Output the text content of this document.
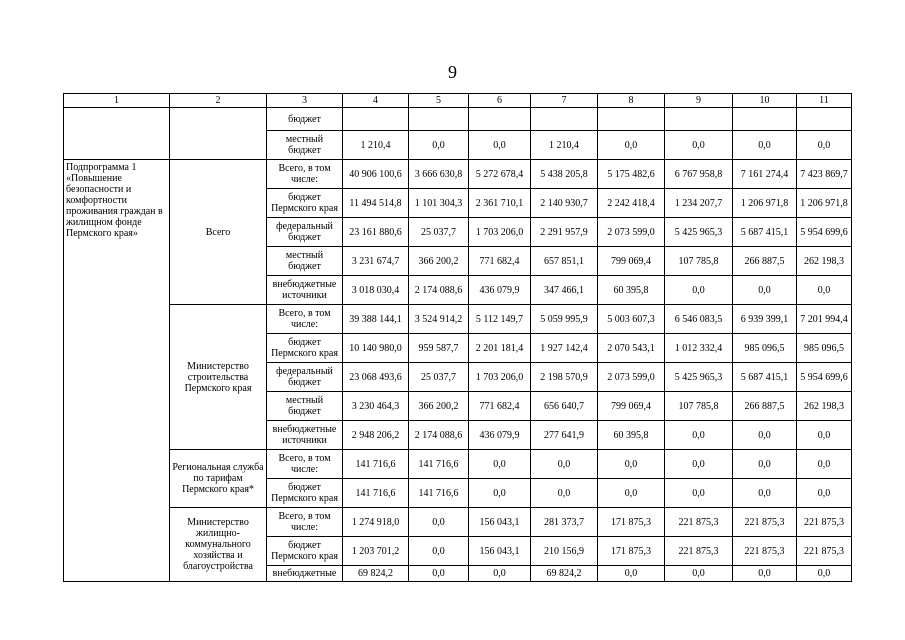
9
1	2	3	4	5	6	7	8	9	10	11
		бюджет								
		местный бюджет	1 210,4	0,0	0,0	1 210,4	0,0	0,0	0,0	0,0
Подпрограмма 1 «Повышение безопасности и комфортности проживания граждан в жилищном фонде Пермского края»	Всего	Всего, в том числе:	40 906 100,6	3 666 630,8	5 272 678,4	5 438 205,8	5 175 482,6	6 767 958,8	7 161 274,4	7 423 869,7
		бюджет Пермского края	11 494 514,8	1 101 304,3	2 361 710,1	2 140 930,7	2 242 418,4	1 234 207,7	1 206 971,8	1 206 971,8
		федеральный бюджет	23 161 880,6	25 037,7	1 703 206,0	2 291 957,9	2 073 599,0	5 425 965,3	5 687 415,1	5 954 699,6
		местный бюджет	3 231 674,7	366 200,2	771 682,4	657 851,1	799 069,4	107 785,8	266 887,5	262 198,3
		внебюджетные источники	3 018 030,4	2 174 088,6	436 079,9	347 466,1	60 395,8	0,0	0,0	0,0
	Министерство строительства Пермского края	Всего, в том числе:	39 388 144,1	3 524 914,2	5 112 149,7	5 059 995,9	5 003 607,3	6 546 083,5	6 939 399,1	7 201 994,4
		бюджет Пермского края	10 140 980,0	959 587,7	2 201 181,4	1 927 142,4	2 070 543,1	1 012 332,4	985 096,5	985 096,5
		федеральный бюджет	23 068 493,6	25 037,7	1 703 206,0	2 198 570,9	2 073 599,0	5 425 965,3	5 687 415,1	5 954 699,6
		местный бюджет	3 230 464,3	366 200,2	771 682,4	656 640,7	799 069,4	107 785,8	266 887,5	262 198,3
		внебюджетные источники	2 948 206,2	2 174 088,6	436 079,9	277 641,9	60 395,8	0,0	0,0	0,0
	Региональная служба по тарифам Пермского края*	Всего, в том числе:	141 716,6	141 716,6	0,0	0,0	0,0	0,0	0,0	0,0
		бюджет Пермского края	141 716,6	141 716,6	0,0	0,0	0,0	0,0	0,0	0,0
	Министерство жилищно-коммунального хозяйства и благоустройства	Всего, в том числе:	1 274 918,0	0,0	156 043,1	281 373,7	171 875,3	221 875,3	221 875,3	221 875,3
		бюджет Пермского края	1 203 701,2	0,0	156 043,1	210 156,9	171 875,3	221 875,3	221 875,3	221 875,3
		внебюджетные	69 824,2	0,0	0,0	69 824,2	0,0	0,0	0,0	0,0
